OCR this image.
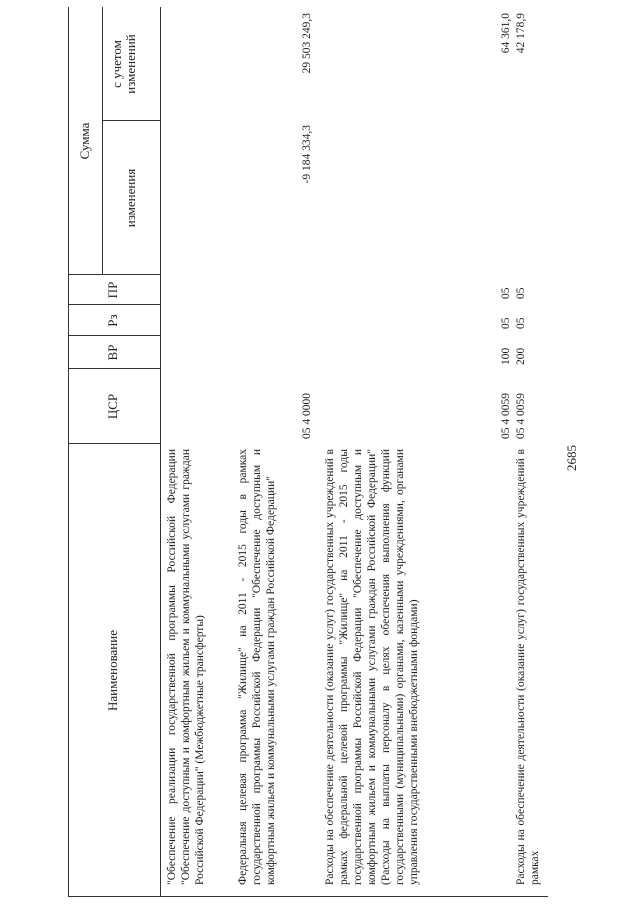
2685
Наименование
ЦСР
ВР
Рз
ПР
Сумма
изменения
с учетом изменений

"Обеспечение реализации государственной программы Российской Федерации "Обеспечение доступным и комфортным жильем и коммунальными услугами граждан Российской Федерации" (Межбюджетные трансферты)	Федеральная целевая программа "Жилище" на 2011 - 2015 годы в рамках государственной программы Российской Федерации "Обеспечение доступным и комфортным жильем и коммунальными услугами граждан Российской Федерации"

05 4 0000
-9 184 334,3
29 503 249,3

Расходы на обеспечение деятельности (оказание услуг) государственных учреждений в рамках федеральной целевой программы "Жилище" на 2011 - 2015 годы государственной программы Российской Федерации "Обеспечение доступным и комфортным жильем и коммунальными услугами граждан Российской Федерации" (Расходы на выплаты персоналу в целях обеспечения выполнения функций государственными (муниципальными) органами, казенными учреждениями, органами управления государственными внебюджетными фондами)

05 4 0059
100
05
05
64 361,0

Расходы на обеспечение деятельности (оказание услуг) государственных учреждений в рамках

05 4 0059
200
05
05
42 178,9
